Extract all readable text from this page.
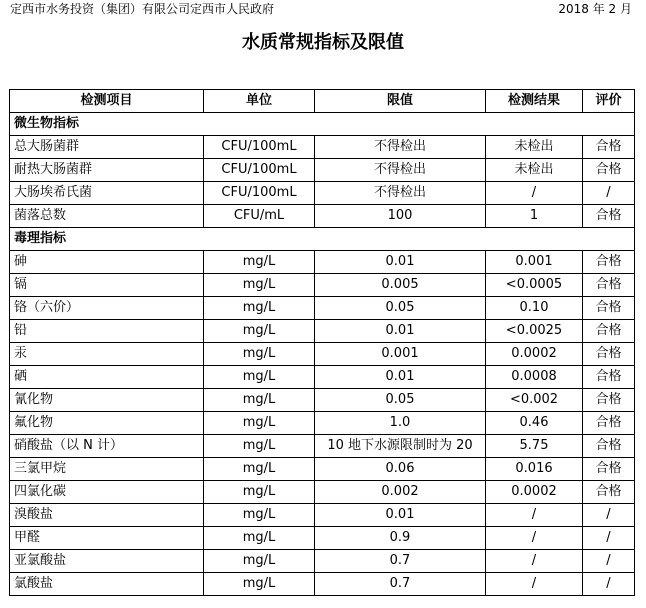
定西市水务投资（集团）有限公司定西市人民政府	2018 年 2 月
水质常规指标及限值
检测项目	单位	限值	检测结果	评价
微生物指标				
总大肠菌群	CFU/100mL	不得检出	未检出	合格
耐热大肠菌群	CFU/100mL	不得检出	未检出	合格
大肠埃希氏菌	CFU/100mL	不得检出	/	/
菌落总数	CFU/mL	100	1	合格
毒理指标				
砷	mg/L	0.01	0.001	合格
镉	mg/L	0.005	<0.0005	合格
铬（六价）	mg/L	0.05	0.10	合格
铅	mg/L	0.01	<0.0025	合格
汞	mg/L	0.001	0.0002	合格
硒	mg/L	0.01	0.0008	合格
氰化物	mg/L	0.05	<0.002	合格
氟化物	mg/L	1.0	0.46	合格
硝酸盐（以 N 计）	mg/L	10 地下水源限制时为 20	5.75	合格
三氯甲烷	mg/L	0.06	0.016	合格
四氯化碳	mg/L	0.002	0.0002	合格
溴酸盐	mg/L	0.01	/	/
甲醛	mg/L	0.9	/	/
亚氯酸盐	mg/L	0.7	/	/
氯酸盐	mg/L	0.7	/	/
